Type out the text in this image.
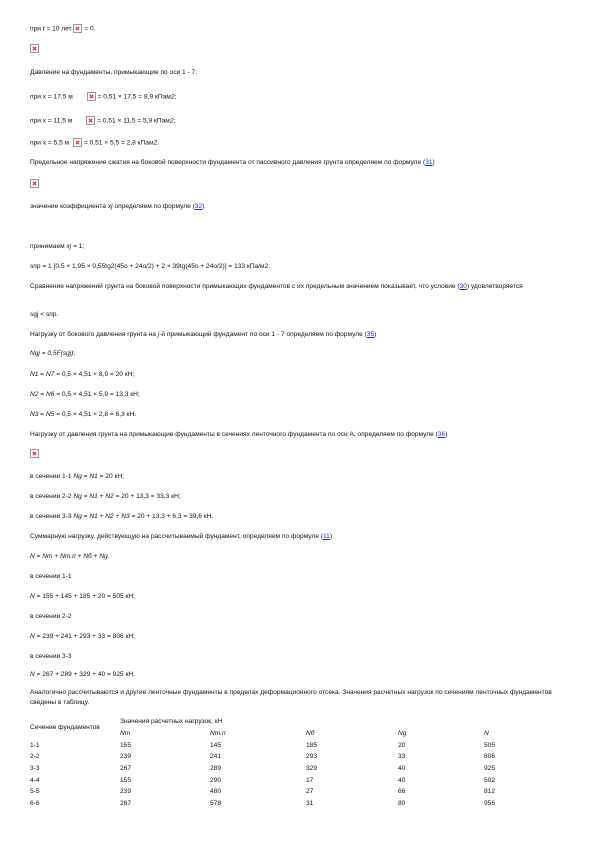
при t = 10 лет  = 0.
Давление на фундаменты, примыкающие по оси 1 - 7:
при х = 17,5 м	= 0,51 × 17,5 = 8,9 кПам2;
при х = 11,5 м	= 0,51 × 11,5 = 5,9 кПам2;
при х = 5,5 м = 0,51 × 5,5 = 2,8 кПам2.
Предельное напряжение сжатия на боковой поверхности фундамента от пассивного давления грунта определяем по формуле (31)
значение коэффициента xj определяем по формуле (32)
принимаем xj = 1;
sпр = 1 [0,5 × 1,95 × 0,55tg2(45о + 24о/2) + 2 × 39tg(45о + 24о/2)] = 133 кПа/м2.
Сравнение напряжений грунта на боковой поверхности примыкающих фундаментов с их предельным значением показывает, что условие (30) удовлетворяется
sgj < sпр.
Нагрузку от бокового давления грунта на j-й примыкающий фундамент по оси 1 - 7 определяем по формуле (35)
Ngj = 0,5F(sgj);
N1 = N7 = 0,5 × 4,51 × 8,9 = 20 кН;
N2 = N6 = 0,5 × 4,51 × 5,9 = 13,3 кН;
N3 = N5 = 0,5 × 4,51 × 2,8 = 6,3 кН.
Нагрузку от давления грунта на примыкающие фундаменты в сечениях ленточного фундамента по оси А, определяем по формуле (36)
в сечении 1-1 Ng = N1 = 20 кН;
в сечении 2-2 Ng = N1 + N2 = 20 + 13,3 = 33,3 кН;
в сечении 3-3 Ng = N1 + N2 + N3 = 20 + 13,3 + 6,3 = 39,6 кН.
Суммарную нагрузку, действующую на рассчитываемый фундамент, определяем по формуле (11)
N = Nт + Nт.п + Nб + Ng.
в сечении 1-1
N = 155 + 145 + 185 + 20 = 505 кН;
в сечении 2-2
N = 239 + 241 + 293 + 33 = 806 кН;
в сечении 3-3
N = 267 + 289 + 329 + 40 = 925 кН.
Аналогично рассчитываются и другие ленточные фундаменты в пределах деформационного отсека. Значения расчетных нагрузок по сечениям ленточных фундаментов сведены в таблицу.
Сечение фундаментов	Значения расчетных нагрузок, кН				
	Nт	Nт.п	Nб	Ng	N
1-1	155	145	185	20	505
2-2	239	241	293	33	806
3-3	267	289	329	40	925
4-4	155	290	17	40	502
5-5	239	480	27	66	812
6-6	267	578	31	80	956
